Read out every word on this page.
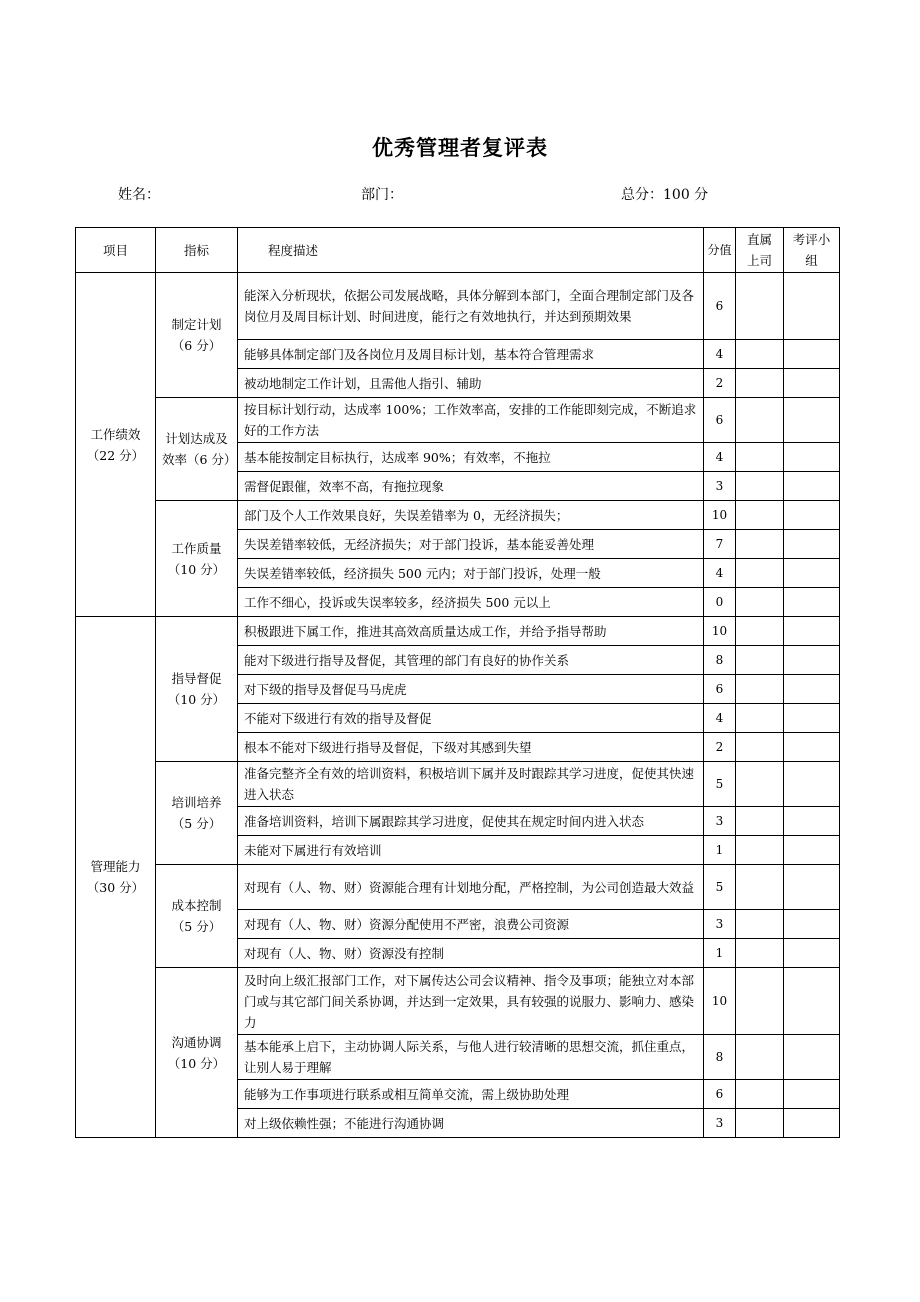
优秀管理者复评表
姓名：	部门：	总分：100 分
项目	指标	程度描述	分值	直属上司	考评小组
工作绩效（22 分）	制定计划（6 分）	能深入分析现状，依据公司发展战略，具体分解到本部门，全面合理制定部门及各岗位月及周目标计划、时间进度，能行之有效地执行，并达到预期效果	6		
		能够具体制定部门及各岗位月及周目标计划，基本符合管理需求	4		
		被动地制定工作计划，且需他人指引、辅助	2		
	计划达成及效率（6 分）	按目标计划行动，达成率 100%；工作效率高，安排的工作能即刻完成，不断追求好的工作方法	6		
		基本能按制定目标执行，达成率 90%；有效率，不拖拉	4		
		需督促跟催，效率不高，有拖拉现象	3		
	工作质量（10 分）	部门及个人工作效果良好，失误差错率为 0，无经济损失；	10		
		失误差错率较低，无经济损失；对于部门投诉，基本能妥善处理	7		
		失误差错率较低，经济损失 500 元内；对于部门投诉，处理一般	4		
		工作不细心，投诉或失误率较多，经济损失 500 元以上	0		
管理能力（30 分）	指导督促（10 分）	积极跟进下属工作，推进其高效高质量达成工作，并给予指导帮助	10		
		能对下级进行指导及督促，其管理的部门有良好的协作关系	8		
		对下级的指导及督促马马虎虎	6		
		不能对下级进行有效的指导及督促	4		
		根本不能对下级进行指导及督促，下级对其感到失望	2		
	培训培养（5 分）	准备完整齐全有效的培训资料，积极培训下属并及时跟踪其学习进度，促使其快速进入状态	5		
		准备培训资料，培训下属跟踪其学习进度，促使其在规定时间内进入状态	3		
		未能对下属进行有效培训	1		
	成本控制（5 分）	对现有（人、物、财）资源能合理有计划地分配，严格控制，为公司创造最大效益	5		
		对现有（人、物、财）资源分配使用不严密，浪费公司资源	3		
		对现有（人、物、财）资源没有控制	1		
	沟通协调（10 分）	及时向上级汇报部门工作，对下属传达公司会议精神、指令及事项；能独立对本部门或与其它部门间关系协调，并达到一定效果，具有较强的说服力、影响力、感染力	10		
		基本能承上启下，主动协调人际关系，与他人进行较清晰的思想交流，抓住重点，让别人易于理解	8		
		能够为工作事项进行联系或相互简单交流，需上级协助处理	6		
		对上级依赖性强；不能进行沟通协调	3		
